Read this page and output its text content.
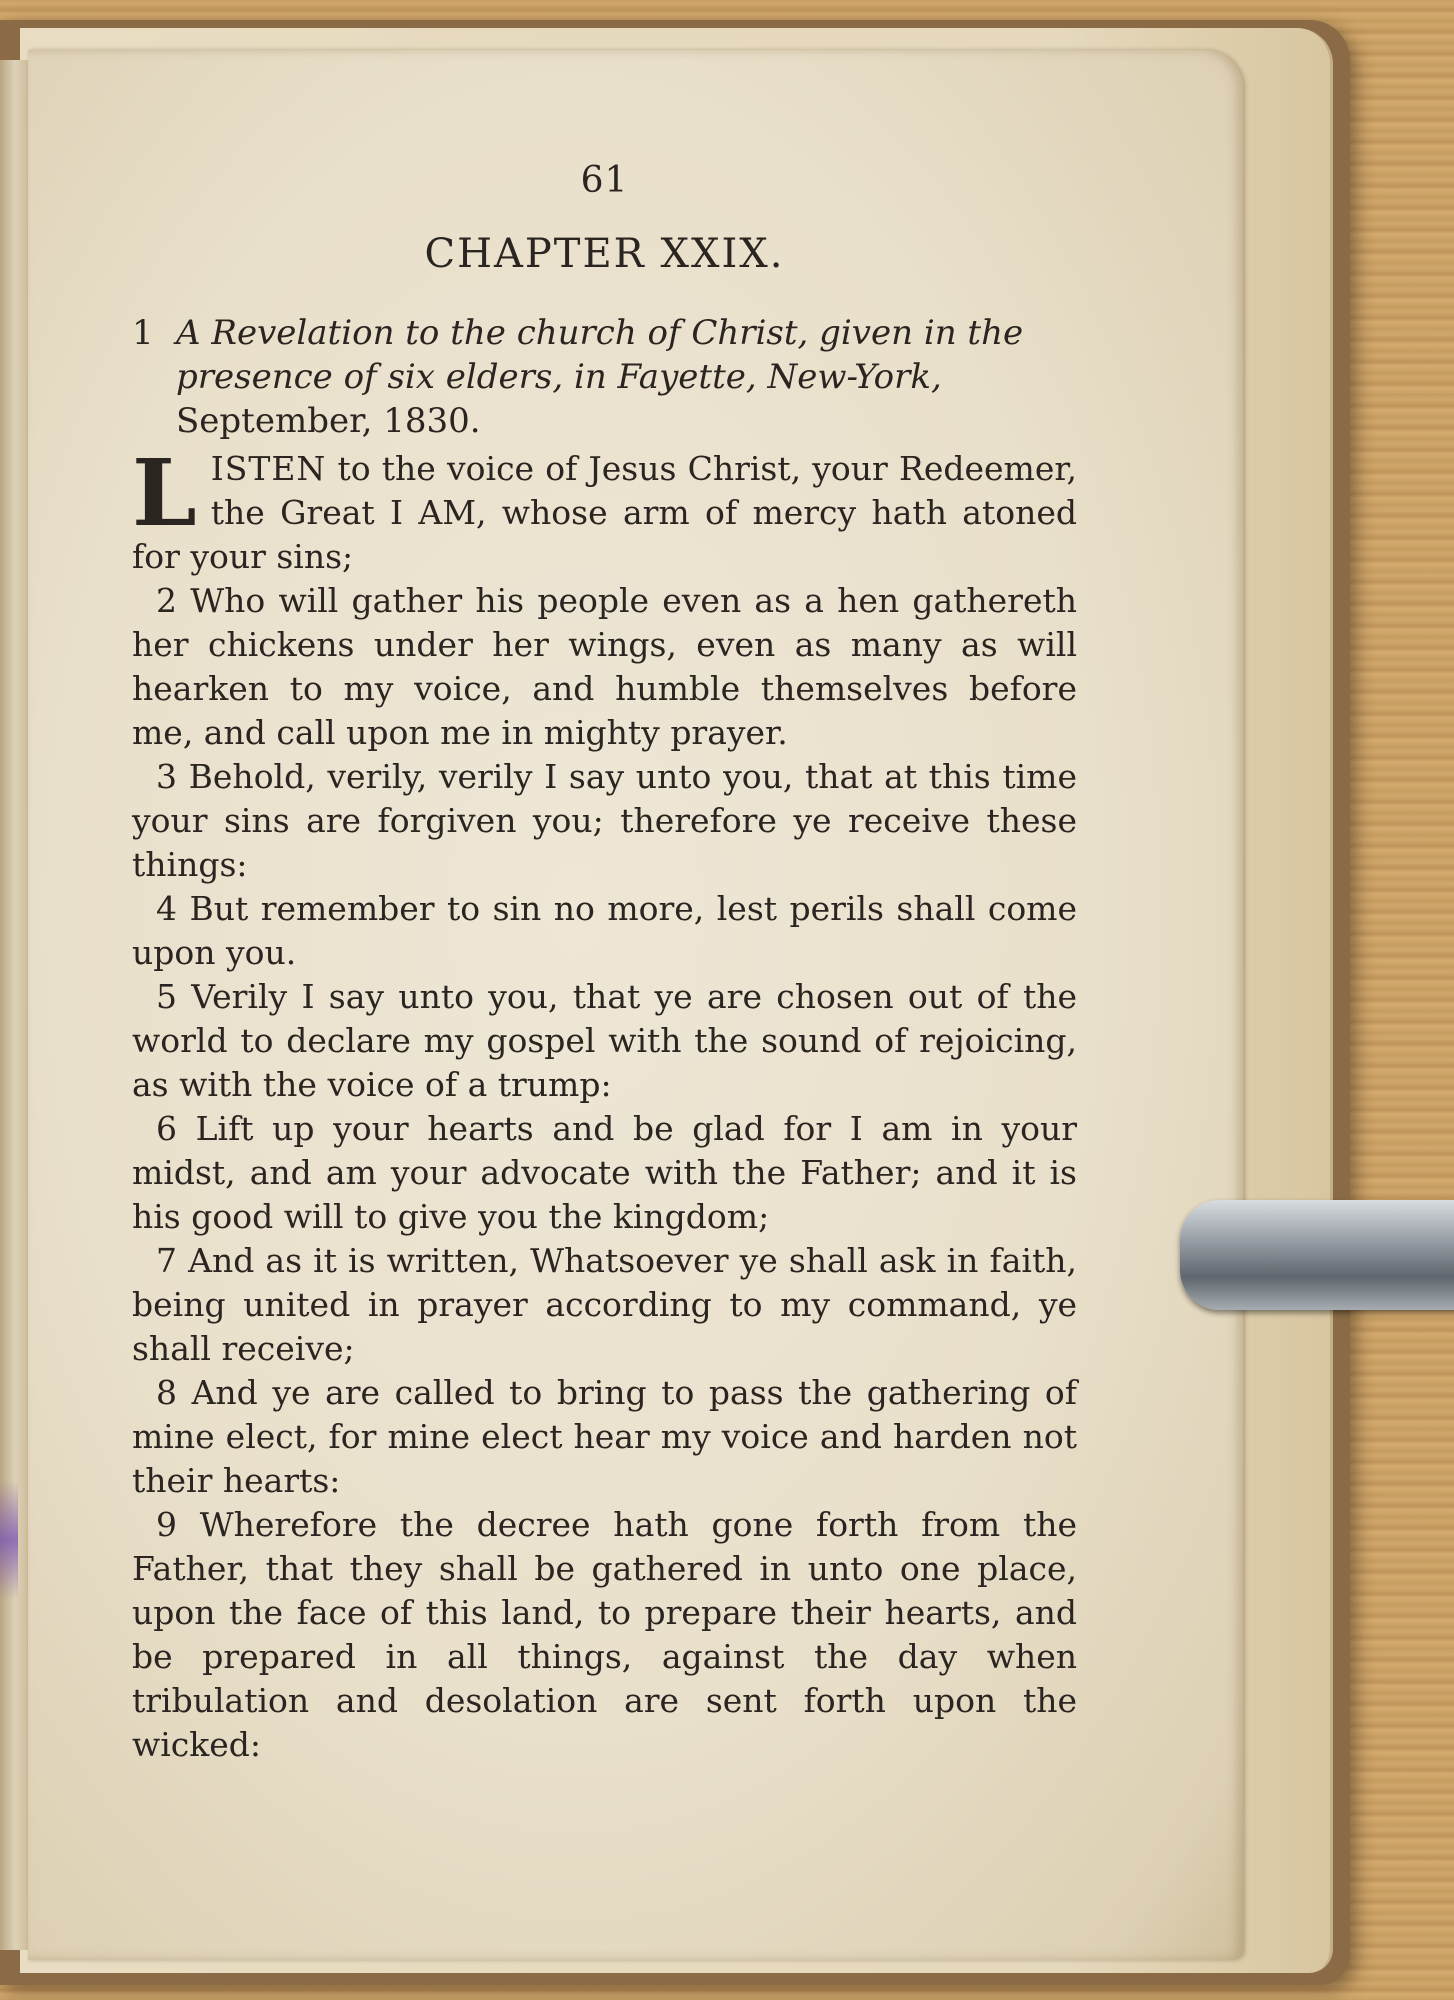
61
CHAPTER XXIX.

1 A Revelation to the church of Christ, given in the presence of six elders, in Fayette, New-York, September, 1830.

LISTEN to the voice of Jesus Christ, your Redeemer, the Great I AM, whose arm of mercy hath atoned for your sins;

2 Who will gather his people even as a hen gathereth her chickens under her wings, even as many as will hearken to my voice, and humble themselves before me, and call upon me in mighty prayer.

3 Behold, verily, verily I say unto you, that at this time your sins are forgiven you; therefore ye receive these things:

4 But remember to sin no more, lest perils shall come upon you.

5 Verily I say unto you, that ye are chosen out of the world to declare my gospel with the sound of rejoicing, as with the voice of a trump:

6 Lift up your hearts and be glad for I am in your midst, and am your advocate with the Father; and it is his good will to give you the kingdom;

7 And as it is written, Whatsoever ye shall ask in faith, being united in prayer according to my command, ye shall receive;

8 And ye are called to bring to pass the gathering of mine elect, for mine elect hear my voice and harden not their hearts:

9 Wherefore the decree hath gone forth from the Father, that they shall be gathered in unto one place, upon the face of this land, to prepare their hearts, and be prepared in all things, against the day when tribulation and desolation are sent forth upon the wicked:
